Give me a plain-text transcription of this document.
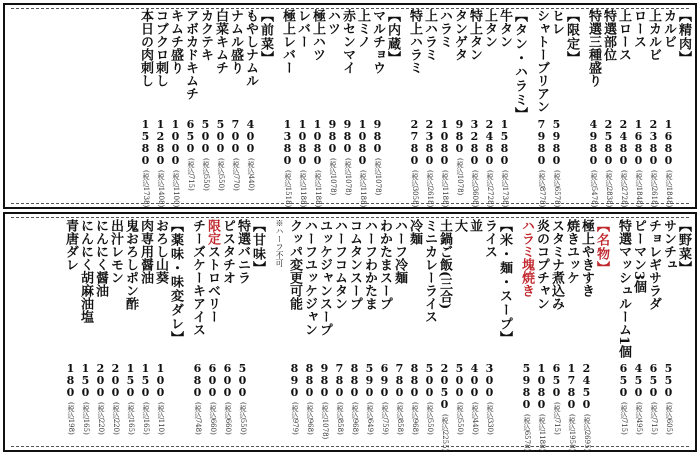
【精肉】
カルビ
上カルビ
ロース
上ロース
特選部位
特選三種盛り
【限定】
ヒレ
シャトーブリアン
【タン・ハラミ】
牛タン
上タン
特上タン
タンゲタ
ハラミ
上ハラミ
特上ハラミ
【内蔵】
マルチョウ
上ミノ
赤センマイ
ハツ
極上ハツ
レバー
極上レバー
【前菜】
もやしナムル
ナムル盛り
白菜キムチ
カクテキ
アボカドキムチ
キムチ盛り
コブクロ刺し
本日の肉刺し
【野菜】
サンチュ
チョレギサラダ
ピーマン3個
特選マッシュルーム1個
【名物】
極上やきすき
焼きユッケ
スタミナ煮込み
炎のコプチャン
ハラミ塊焼き
【米・麺・スープ】
ライス
並
大
土鍋ご飯(三合)
ミニカレーライス
冷麺
ハーフ冷麺
わかたまスープ
ハーフわかたま
コムタンスープ
ハーフコムタン
ユッケジャンスープ
ハーフユッケジャン
クッパ変更可能
※ハーフ不可
【甘味】
特選バニラ
ピスタチオ
限定ストロベリー
チーズケーキアイス
【薬味・味変ダレ】
おろし山葵
肉専用醤油
鬼おろしポン酢
出汁レモン
にんにく醤油
にんにく胡麻油塩
青唐ダレ
1680
(税込1848)
2380
(税込2618)
1680
(税込1848)
2480
(税込2728)
2580
(税込2838)
4980
(税込5478)
5980
(税込6578)
7980
(税込8778)
1580
(税込1738)
2480
(税込2728)
3280
(税込3608)
980
(税込1078)
1080
(税込1188)
2380
(税込2618)
2780
(税込3058)
980
(税込1078)
1080
(税込1188)
980
(税込1078)
980
(税込1078)
1080
(税込1188)
1080
(税込1188)
1380
(税込1518)
400
(税込440)
700
(税込770)
500
(税込550)
500
(税込550)
650
(税込715)
1000
(税込1100)
1280
(税込1408)
1580
(税込1738)
550
(税込605)
650
(税込715)
450
(税込495)
650
(税込715)
2450
(税込2695)
1780
(税込1958)
650
(税込715)
1080
(税込1188)
5980
(税込6578)
300
(税込330)
400
(税込440)
500
(税込550)
2050
(税込2255)
500
(税込550)
880
(税込968)
780
(税込858)
690
(税込759)
590
(税込649)
880
(税込968)
780
(税込858)
980
(税込1078)
880
(税込968)
890
(税込979)
500
(税込550)
600
(税込660)
600
(税込660)
680
(税込748)
100
(税込110)
150
(税込165)
150
(税込165)
200
(税込220)
200
(税込220)
150
(税込165)
180
(税込198)
